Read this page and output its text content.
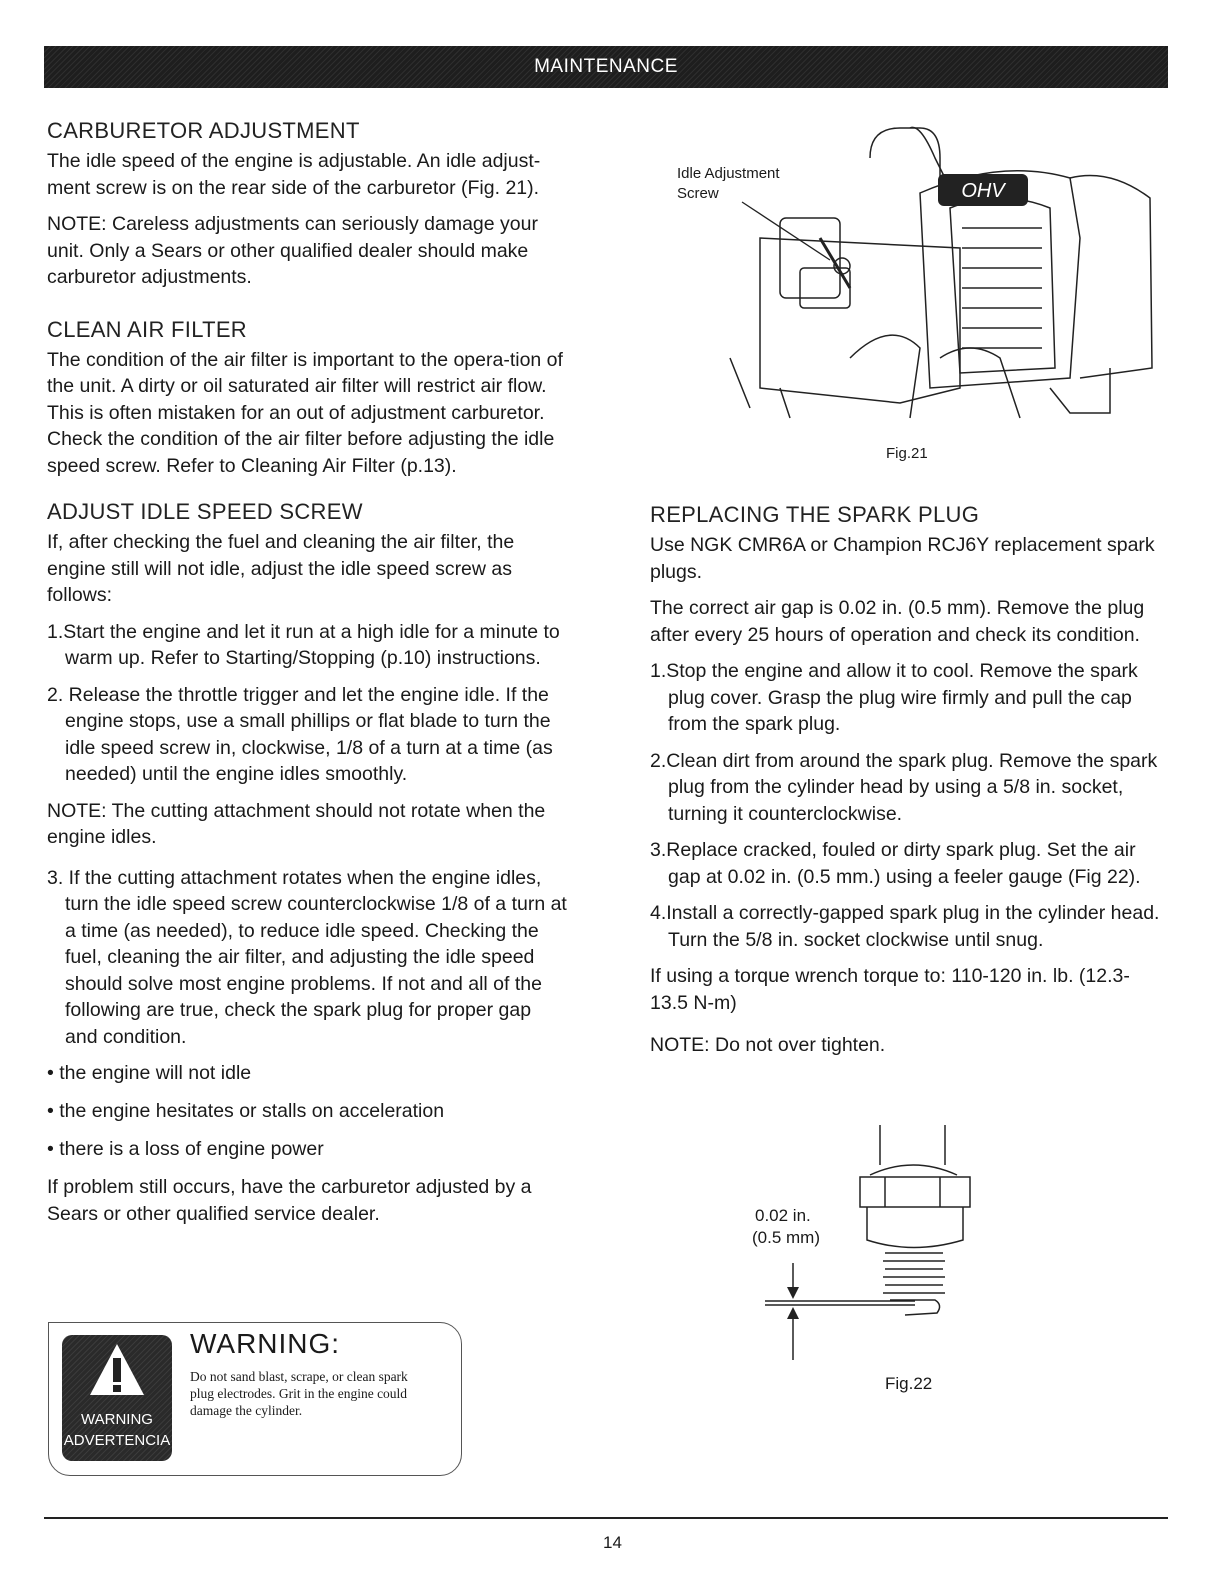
MAINTENANCE
CARBURETOR ADJUSTMENT

The idle speed of the engine is adjustable. An idle adjust-ment screw is on the rear side of the carburetor (Fig. 21).

NOTE: Careless adjustments can seriously damage your unit. Only a Sears or other qualified dealer should make carburetor adjustments.

CLEAN AIR FILTER

The condition of the air filter is important to the opera-tion of the unit. A dirty or oil saturated air filter will restrict air flow. This is often mistaken for an out of adjustment carburetor. Check the condition of the air filter before adjusting the idle speed screw. Refer to Cleaning Air Filter (p.13).

ADJUST IDLE SPEED SCREW

If, after checking the fuel and cleaning the air filter, the engine still will not idle, adjust the idle speed screw as follows:

1.Start the engine and let it run at a high idle for a minute to warm up. Refer to Starting/Stopping (p.10) instructions.

2. Release the throttle trigger and let the engine idle. If the engine stops, use a small phillips or flat blade to turn the idle speed screw in, clockwise, 1/8 of a turn at a time (as needed) until the engine idles smoothly.

NOTE: The cutting attachment should not rotate when the engine idles.

3. If the cutting attachment rotates when the engine idles, turn the idle speed screw counterclockwise 1/8 of a turn at a time (as needed), to reduce idle speed. Checking the fuel, cleaning the air filter, and adjusting the idle speed should solve most engine problems. If not and all of the following are true, check the spark plug for proper gap and condition.

• the engine will not idle
• the engine hesitates or stalls on acceleration
• there is a loss of engine power

If problem still occurs, have the carburetor adjusted by a Sears or other qualified service dealer.

WARNING
ADVERTENCIA
WARNING:
Do not sand blast, scrape, or clean spark plug electrodes. Grit in the engine could damage the cylinder.
OHV
Idle Adjustment
Screw
Fig.21
REPLACING THE SPARK PLUG

Use NGK CMR6A or Champion RCJ6Y replacement spark plugs.

The correct air gap is 0.02 in. (0.5 mm). Remove the plug after every 25 hours of operation and check its condition.

1.Stop the engine and allow it to cool. Remove the spark plug cover. Grasp the plug wire firmly and pull the cap from the spark plug.

2.Clean dirt from around the spark plug. Remove the spark plug from the cylinder head by using a 5/8 in. socket, turning it counterclockwise.

3.Replace cracked, fouled or dirty spark plug. Set the air gap at 0.02 in. (0.5 mm.) using a feeler gauge (Fig 22).

4.Install a correctly-gapped spark plug in the cylinder head. Turn the 5/8 in. socket clockwise until snug.

If using a torque wrench torque to: 110-120 in. lb. (12.3-13.5 N-m)

NOTE: Do not over tighten.

0.02 in.
(0.5 mm)
Fig.22
14
